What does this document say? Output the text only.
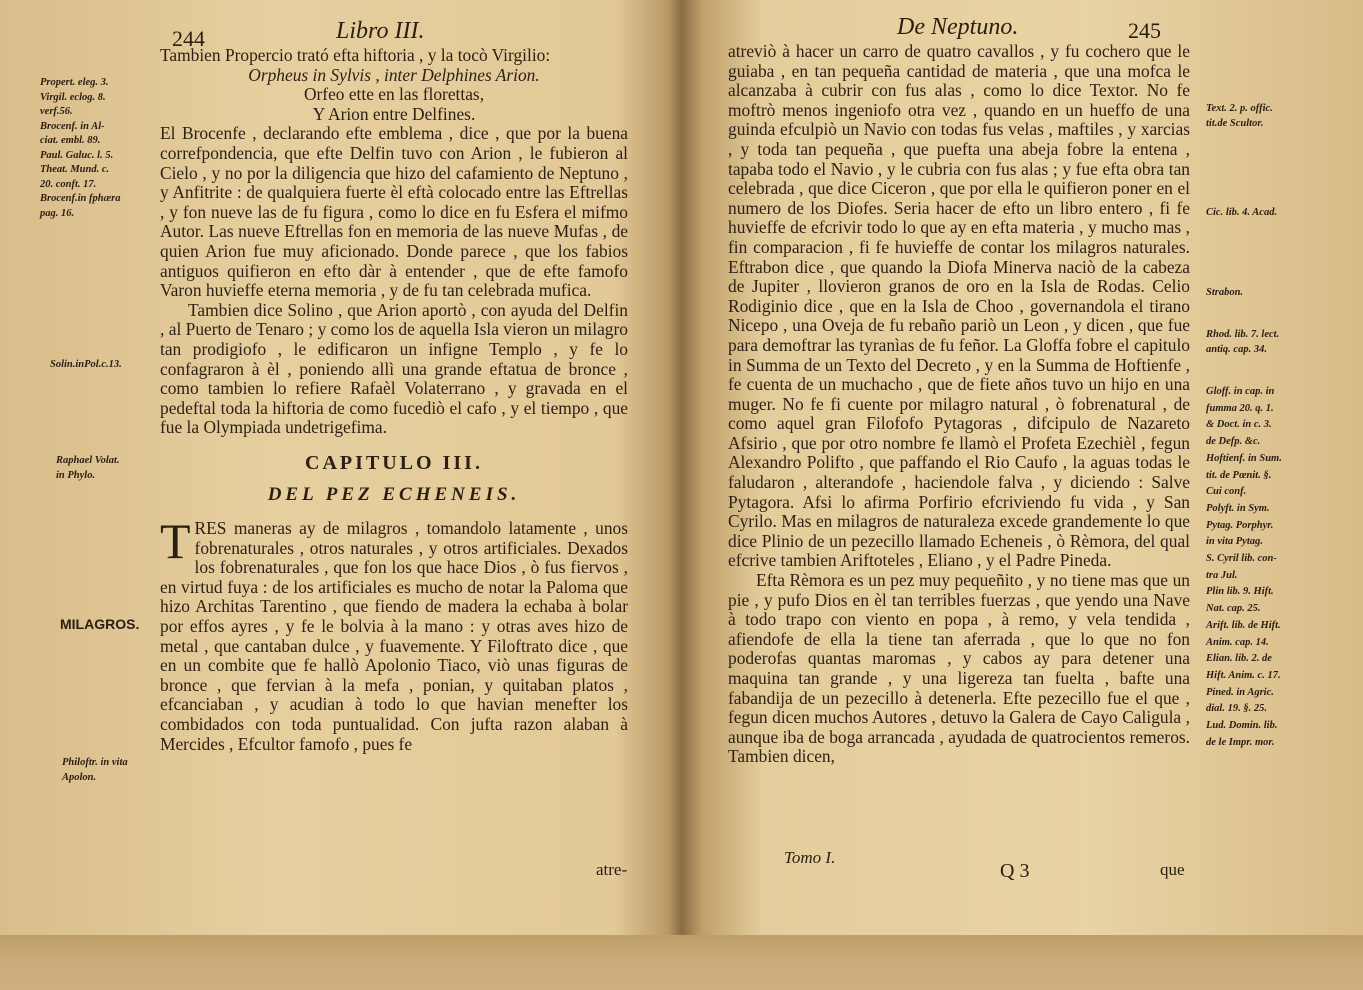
244	Libro III.
Propert. eleg. 3.
Virgil. eclog. 8.
verf.56.
Brocenf. in Al-
ciat. embl. 89.
Paul. Galuc. l. 5.
Theat. Mund. c.
20. conft. 17.
Brocenf.in fphæra
pag. 16.
Solin.inPol.c.13.
Raphael Volat.
in Phylo.
MILAGROS.
Philoftr. in vita
Apolon.

Tambien Propercio trató efta hiftoria , y la tocò Virgilio:

Orpheus in Sylvis , inter Delphines Arion.

Orfeo ette en las florettas,

Y Arion entre Delfines.

El Brocenfe , declarando efte emblema , dice , que por la buena correfpondencia, que efte Delfin tuvo con Arion , le fubieron al Cielo , y no por la diligencia que hizo del cafamiento de Neptuno , y Anfitrite : de qualquiera fuerte èl eftà colocado entre las Eftrellas , y fon nueve las de fu figura , como lo dice en fu Esfera el mifmo Autor. Las nueve Eftrellas fon en memoria de las nueve Mufas , de quien Arion fue muy aficionado. Donde parece , que los fabios antiguos quifieron en efto dàr à entender , que de efte famofo Varon huvieffe eterna memoria , y de fu tan celebrada mufica.

Tambien dice Solino , que Arion aportò , con ayuda del Delfin , al Puerto de Tenaro ; y como los de aquella Isla vieron un milagro tan prodigiofo , le edificaron un infigne Templo , y fe lo confagraron à èl , poniendo allì una grande eftatua de bronce , como tambien lo refiere Rafaèl Volaterrano , y gravada en el pedeftal toda la hiftoria de como fucediò el cafo , y el tiempo , que fue la Olympiada undetrigefima.

CAPITULO III.
DEL PEZ ECHENEIS.

TRES maneras ay de milagros , tomandolo latamente , unos fobrenaturales , otros naturales , y otros artificiales. Dexados los fobrenaturales , que fon los que hace Dios , ò fus fiervos , en virtud fuya : de los artificiales es mucho de notar la Paloma que hizo Architas Tarentino , que fiendo de madera la echaba à bolar por effos ayres , y fe le bolvia à la mano : y otras aves hizo de metal , que cantaban dulce , y fuavemente. Y Filoftrato dice , que en un combite que fe hallò Apolonio Tiaco, viò unas figuras de bronce , que fervian à la mefa , ponian, y quitaban platos , efcanciaban , y acudian à todo lo que havian menefter los combidados con toda puntualidad. Con jufta razon alaban à Mercides , Efcultor famofo , pues fe

atre-
De Neptuno.	245

atreviò à hacer un carro de quatro cavallos , y fu cochero que le guiaba , en tan pequeña cantidad de materia , que una mofca le alcanzaba à cubrir con fus alas , como lo dice Textor. No fe moftrò menos ingeniofo otra vez , quando en un hueffo de una guinda efculpiò un Navio con todas fus velas , maftiles , y xarcias , y toda tan pequeña , que puefta una abeja fobre la entena , tapaba todo el Navio , y le cubria con fus alas ; y fue efta obra tan celebrada , que dice Ciceron , que por ella le quifieron poner en el numero de los Diofes. Seria hacer de efto un libro entero , fi fe huvieffe de efcrivir todo lo que ay en efta materia , y mucho mas , fin comparacion , fi fe huvieffe de contar los milagros naturales. Eftrabon dice , que quando la Diofa Minerva naciò de la cabeza de Jupiter , llovieron granos de oro en la Isla de Rodas. Celio Rodiginio dice , que en la Isla de Choo , governandola el tirano Nicepo , una Oveja de fu rebaño pariò un Leon , y dicen , que fue para demoftrar las tyranìas de fu feñor. La Gloffa fobre el capitulo in Summa de un Texto del Decreto , y en la Summa de Hoftienfe , fe cuenta de un muchacho , que de fiete años tuvo un hijo en una muger. No fe fi cuente por milagro natural , ò fobrenatural , de como aquel gran Filofofo Pytagoras , difcipulo de Nazareto Afsirio , que por otro nombre fe llamò el Profeta Ezechièl , fegun Alexandro Polifto , que paffando el Rio Caufo , la aguas todas le faludaron , alterandofe , haciendole falva , y diciendo : Salve Pytagora. Afsi lo afirma Porfirio efcriviendo fu vida , y San Cyrilo. Mas en milagros de naturaleza excede grandemente lo que dice Plinio de un pezecillo llamado Echeneis , ò Rèmora, del qual efcrive tambien Ariftoteles , Eliano , y el Padre Pineda.

Efta Rèmora es un pez muy pequeñito , y no tiene mas que un pie , y pufo Dios en èl tan terribles fuerzas , que yendo una Nave à todo trapo con viento en popa , à remo, y vela tendida , afiendofe de ella la tiene tan aferrada , que lo que no fon poderofas quantas maromas , y cabos ay para detener una maquina tan grande , y una ligereza tan fuelta , bafte una fabandija de un pezecillo à detenerla. Efte pezecillo fue el que , fegun dicen muchos Autores , detuvo la Galera de Cayo Caligula , aunque iba de boga arrancada , ayudada de quatrocientos remeros. Tambien dicen,

Text. 2. p. offic.
tit.de Scultor.
Cic. lib. 4. Acad.
Strabon.
Rhod. lib. 7. lect.
antiq. cap. 34.
Gloff. in cap. in
fumma 20. q. 1.
& Doct. in c. 3.
de Defp. &c.
Hoftienf. in Sum.
tit. de Pœnit. §.
Cui conf.
Polyft. in Sym.
Pytag. Porphyr.
in vita Pytag.
S. Cyril lib. con-
tra Jul.
Plin lib. 9. Hift.
Nat. cap. 25.
Arift. lib. de Hift.
Anim. cap. 14.
Elian. lib. 2. de
Hift. Anim. c. 17.
Pined. in Agric.
dial. 19. §. 25.
Lud. Domin. lib.
de le Impr. mor.
Tomo I.
Q 3	que
